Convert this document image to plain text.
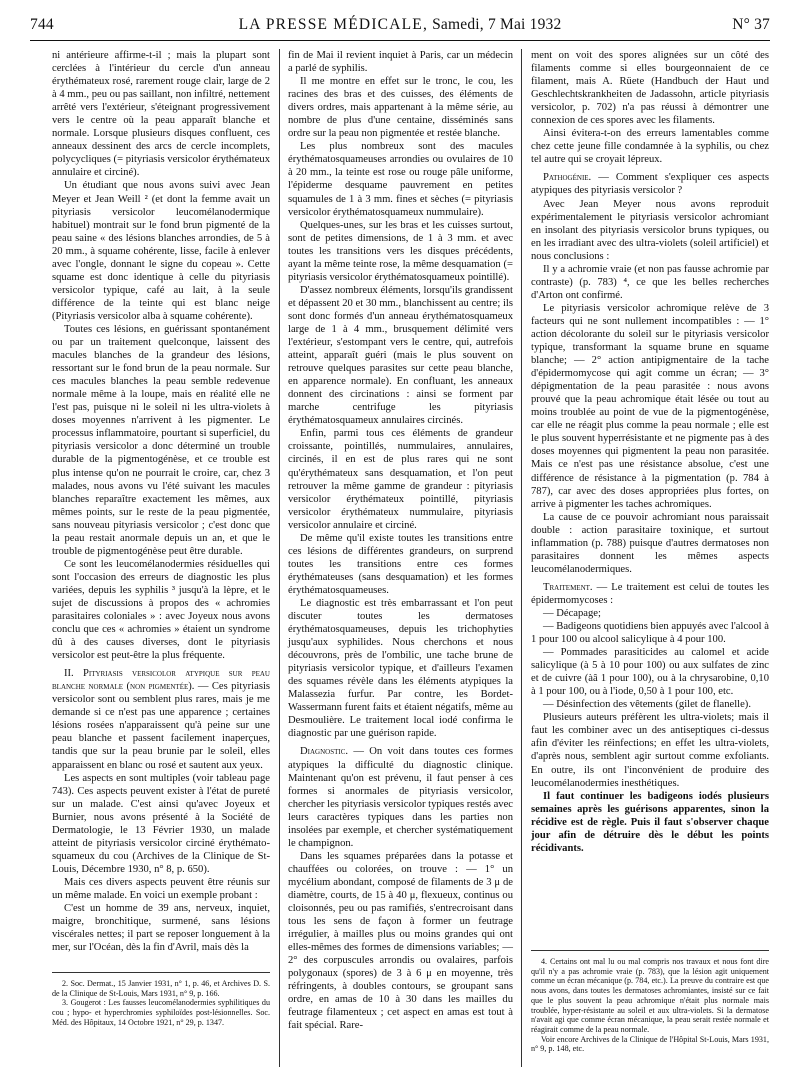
744	LA PRESSE MÉDICALE, Samedi, 7 Mai 1932	N° 37

ni antérieure affirme-t-il ; mais la plupart sont cerclées à l'intérieur du cercle d'un anneau érythémateux rosé, rarement rouge clair, large de 2 à 4 mm., peu ou pas saillant, non infiltré, nettement arrêté vers l'extérieur, s'éteignant progressivement vers le centre où la peau apparaît blanche et normale. Lorsque plusieurs disques confluent, ces anneaux dessinent des arcs de cercle incomplets, polycycliques (= pityriasis versicolor érythémateux annulaire et circiné).

Un étudiant que nous avons suivi avec Jean Meyer et Jean Weill ² (et dont la femme avait un pityriasis versicolor leucomélanodermique habituel) montrait sur le fond brun pigmenté de la peau saine « des lésions blanches arrondies, de 5 à 20 mm., à squame cohérente, lisse, facile à enlever avec l'ongle, donnant le signe du copeau ». Cette squame est donc identique à celle du pityriasis versicolor typique, café au lait, à la seule différence de la teinte qui est blanc neige (Pityriasis versicolor alba à squame cohérente).

Toutes ces lésions, en guérissant spontanément ou par un traitement quelconque, laissent des macules blanches de la grandeur des lésions, ressortant sur le fond brun de la peau normale. Sur ces macules blanches la peau semble redevenue normale même à la loupe, mais en réalité elle ne l'est pas, puisque ni le soleil ni les ultra-violets à doses moyennes n'arrivent à les pigmenter. Le processus inflammatoire, pourtant si superficiel, du pityriasis versicolor a donc déterminé un trouble durable de la pigmentogénèse, et ce trouble est plus intense qu'on ne pourrait le croire, car, chez 3 malades, nous avons vu l'été suivant les macules blanches reparaître exactement les mêmes, aux mêmes points, sur le reste de la peau pigmentée, sans nouveau pityriasis versicolor ; c'est donc que la peau restait anormale depuis un an, et que le trouble de pigmentogénèse peut être durable.

Ce sont les leucomélanodermies résiduelles qui sont l'occasion des erreurs de diagnostic les plus variées, depuis les syphilis ³ jusqu'à la lèpre, et le sujet de discussions à propos des « achromies parasitaires coloniales » : avec Joyeux nous avons conclu que ces « achromies » étaient un syndrome dû à des causes diverses, dont le pityriasis versicolor est peut-être la plus fréquente.

II. Pityriasis versicolor atypique sur peau blanche normale (non pigmentée). — Ces pityriasis versicolor sont ou semblent plus rares, mais je me demande si ce n'est pas une apparence ; certaines lésions rosées n'apparaissent qu'à peine sur une peau blanche et passent facilement inaperçues, tandis que sur la peau brunie par le soleil, elles apparaissent en blanc ou rosé et sautent aux yeux.

Les aspects en sont multiples (voir tableau page 743). Ces aspects peuvent exister à l'état de pureté sur un malade. C'est ainsi qu'avec Joyeux et Burnier, nous avons présenté à la Société de Dermatologie, le 13 Février 1930, un malade atteint de pityriasis versicolor circiné érythémato-squameux du cou (Archives de la Clinique de St-Louis, Décembre 1930, n° 8, p. 650).

Mais ces divers aspects peuvent être réunis sur un même malade. En voici un exemple probant :

C'est un homme de 39 ans, nerveux, inquiet, maigre, bronchitique, surmené, sans lésions viscérales nettes; il part se reposer longuement à la mer, sur l'Océan, dès la fin d'Avril, mais dès la

fin de Mai il revient inquiet à Paris, car un médecin a parlé de syphilis.

Il me montre en effet sur le tronc, le cou, les racines des bras et des cuisses, des éléments de divers ordres, mais appartenant à la même série, au nombre de plus d'une centaine, disséminés sans ordre sur la peau non pigmentée et restée blanche.

Les plus nombreux sont des macules érythématosquameuses arrondies ou ovulaires de 10 à 20 mm., la teinte est rose ou rouge pâle uniforme, l'épiderme desquame pauvrement en petites squamules de 1 à 3 mm. fines et sèches (= pityriasis versicolor érythématosquameux nummulaire).

Quelques-unes, sur les bras et les cuisses surtout, sont de petites dimensions, de 1 à 3 mm. et avec toutes les transitions vers les disques précédents, ayant la même teinte rose, la même desquamation (= pityriasis versicolor érythématosquameux pointillé).

D'assez nombreux éléments, lorsqu'ils grandissent et dépassent 20 et 30 mm., blanchissent au centre; ils sont donc formés d'un anneau érythématosquameux large de 1 à 4 mm., brusquement délimité vers l'extérieur, s'estompant vers le centre, qui, autrefois atteint, apparaît guéri (mais le plus souvent on retrouve quelques parasites sur cette peau blanche, en apparence normale). En confluant, les anneaux donnent des circinations : ainsi se forment par marche centrifuge les pityriasis érythématosquameux annulaires circinés.

Enfin, parmi tous ces éléments de grandeur croissante, pointillés, nummulaires, annulaires, circinés, il en est de plus rares qui ne sont qu'érythémateux sans desquamation, et l'on peut retrouver la même gamme de grandeur : pityriasis versicolor érythémateux pointillé, pityriasis versicolor érythémateux nummulaire, pityriasis versicolor annulaire et circiné.

De même qu'il existe toutes les transitions entre ces lésions de différentes grandeurs, on surprend toutes les transitions entre ces formes érythémateuses (sans desquamation) et les formes érythématosquameuses.

Le diagnostic est très embarrassant et l'on peut discuter toutes les dermatoses érythématosquameuses, depuis les trichophyties jusqu'aux syphilides. Nous cherchons et nous découvrons, près de l'ombilic, une tache brune de pityriasis versicolor typique, et d'ailleurs l'examen des squames révèle dans les éléments atypiques la Malassezia furfur. Par contre, les Bordet-Wassermann furent faits et étaient négatifs, même au Desmoulière. Le traitement local iodé confirma le diagnostic par une guérison rapide.

Diagnostic. — On voit dans toutes ces formes atypiques la difficulté du diagnostic clinique. Maintenant qu'on est prévenu, il faut penser à ces formes si anormales de pityriasis versicolor, chercher les pityriasis versicolor typiques restés avec leurs caractères typiques dans les parties non insolées par exemple, et chercher systématiquement le champignon.

Dans les squames préparées dans la potasse et chauffées ou colorées, on trouve : — 1° un mycélium abondant, composé de filaments de 3 μ de diamètre, courts, de 15 à 40 μ, flexueux, continus ou cloisonnés, peu ou pas ramifiés, s'entrecroisant dans tous les sens de façon à former un feutrage irrégulier, à mailles plus ou moins grandes qui ont elles-mêmes des formes de dimensions variables; — 2° des corpuscules arrondis ou ovalaires, parfois polygonaux (spores) de 3 à 6 μ en moyenne, très réfringents, à doubles contours, se groupant sans ordre, en amas de 10 à 30 dans les mailles du feutrage filamenteux ; cet aspect en amas est tout à fait spécial. Rare-

ment on voit des spores alignées sur un côté des filaments comme si elles bourgeonnaient de ce filament, mais A. Rüete (Handbuch der Haut und Geschlechtskrankheiten de Jadassohn, article pityriasis versicolor, p. 702) n'a pas réussi à démontrer une connexion de ces spores avec les filaments.

Ainsi évitera-t-on des erreurs lamentables comme chez cette jeune fille condamnée à la syphilis, ou chez tel autre qui se croyait lépreux.

Pathogénie. — Comment s'expliquer ces aspects atypiques des pityriasis versicolor ?

Avec Jean Meyer nous avons reproduit expérimentalement le pityriasis versicolor achromiant en insolant des pityriasis versicolor bruns typiques, ou en les irradiant avec des ultra-violets (soleil artificiel) et nous conclusions :

Il y a achromie vraie (et non pas fausse achromie par contraste) (p. 783) ⁴, ce que les belles recherches d'Arton ont confirmé.

Le pityriasis versicolor achromique relève de 3 facteurs qui ne sont nullement incompatibles : — 1° action décolorante du soleil sur le pityriasis versicolor typique, transformant la squame brune en squame blanche; — 2° action antipigmentaire de la tache d'épidermomycose qui agit comme un écran; — 3° dépigmentation de la peau parasitée : nous avons prouvé que la peau achromique était lésée ou tout au moins troublée au point de vue de la pigmentogénèse, car elle ne réagit plus comme la peau normale ; elle est le plus souvent hyperrésistante et ne pigmente pas à des doses moyennes qui pigmentent la peau non parasitée. Mais ce n'est pas une résistance absolue, c'est une différence de résistance à la pigmentation (p. 784 à 787), car avec des doses appropriées plus fortes, on arrive à pigmenter les taches achromiques.

La cause de ce pouvoir achromiant nous paraissait double : action parasitaire toxinique, et surtout inflammation (p. 788) puisque d'autres dermatoses non parasitaires donnent les mêmes aspects leucomélanodermiques.

Traitement. — Le traitement est celui de toutes les épidermomycoses :

— Décapage;

— Badigeons quotidiens bien appuyés avec l'alcool à 1 pour 100 ou alcool salicylique à 4 pour 100.

— Pommades parasiticides au calomel et acide salicylique (à 5 à 10 pour 100) ou aux sulfates de zinc et de cuivre (àâ 1 pour 100), ou à la chrysarobine, 0,10 à 1 pour 100, ou à l'iode, 0,50 à 1 pour 100, etc.

— Désinfection des vêtements (gilet de flanelle).

Plusieurs auteurs préfèrent les ultra-violets; mais il faut les combiner avec un des antiseptiques ci-dessus afin d'éviter les réinfections; en effet les ultra-violets, d'après nous, semblent agir surtout comme exfoliants. En outre, ils ont l'inconvénient de produire des leucomélanodermies inesthétiques.

Il faut continuer les badigeons iodés plusieurs semaines après les guérisons apparentes, sinon la récidive est de règle. Puis il faut s'observer chaque jour afin de détruire dès le début les points récidivants.

2. Soc. Dermat., 15 Janvier 1931, n° 1, p. 46, et Archives D. S. de la Clinique de St-Louis, Mars 1931, n° 9, p. 166.

3. Gougerot : Les fausses leucomélanodermies syphilitiques du cou ; hypo- et hyperchromies syphiloïdes post-lésionnelles. Soc. Méd. des Hôpitaux, 14 Octobre 1921, n° 29, p. 1347.

4. Certains ont mal lu ou mal compris nos travaux et nous font dire qu'il n'y a pas achromie vraie (p. 783), que la lésion agit uniquement comme un écran mécanique (p. 784, etc.). La preuve du contraire est que nous avons, dans toutes les dermatoses achromiantes, insisté sur ce fait que le plus souvent la peau achromique n'était plus normale mais troublée, hyper-résistante au soleil et aux ultra-violets. Si la dermatose n'avait agi que comme écran mécanique, la peau serait restée normale et réagirait comme de la peau normale.

Voir encore Archives de la Clinique de l'Hôpital St-Louis, Mars 1931, n° 9, p. 148, etc.
